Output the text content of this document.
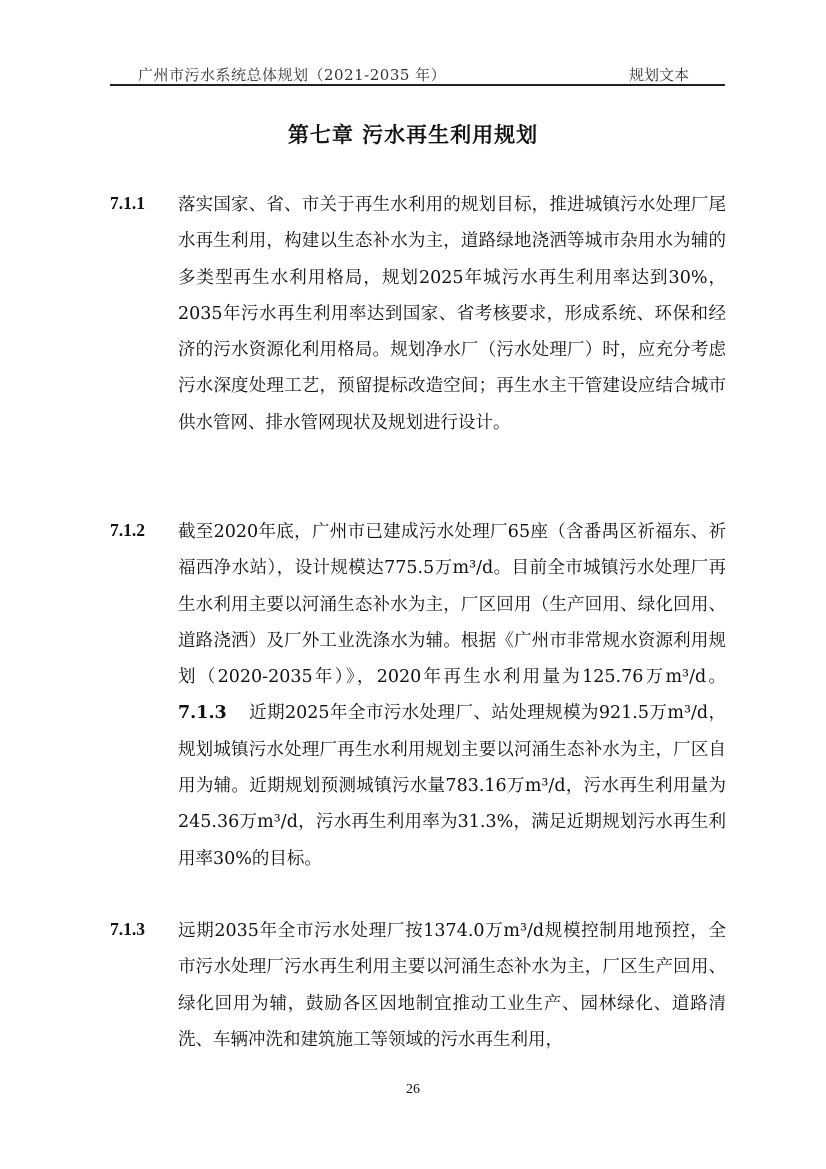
广州市污水系统总体规划（2021-2035 年）	规划文本
第七章 污水再生利用规划
7.1.1 落实国家、省、市关于再生水利用的规划目标，推进城镇污水处理厂尾水再生利用，构建以生态补水为主，道路绿地浇洒等城市杂用水为辅的多类型再生水利用格局，规划2025年城污水再生利用率达到30%，2035年污水再生利用率达到国家、省考核要求，形成系统、环保和经济的污水资源化利用格局。规划净水厂（污水处理厂）时，应充分考虑污水深度处理工艺，预留提标改造空间；再生水主干管建设应结合城市供水管网、排水管网现状及规划进行设计。
7.1.2 截至2020年底，广州市已建成污水处理厂65座（含番禺区祈福东、祈福西净水站），设计规模达775.5万m³/d。目前全市城镇污水处理厂再生水利用主要以河涌生态补水为主，厂区回用（生产回用、绿化回用、道路浇洒）及厂外工业洗涤水为辅。根据《广州市非常规水资源利用规划（2020-2035年）》，2020年再生水利用量为125.76万m³/d。7.1.3 近期2025年全市污水处理厂、站处理规模为921.5万m³/d，规划城镇污水处理厂再生水利用规划主要以河涌生态补水为主，厂区自用为辅。近期规划预测城镇污水量783.16万m³/d，污水再生利用量为245.36万m³/d，污水再生利用率为31.3%，满足近期规划污水再生利用率30%的目标。
7.1.3 远期2035年全市污水处理厂按1374.0万m³/d规模控制用地预控，全市污水处理厂污水再生利用主要以河涌生态补水为主，厂区生产回用、绿化回用为辅，鼓励各区因地制宜推动工业生产、园林绿化、道路清洗、车辆冲洗和建筑施工等领域的污水再生利用，
26
